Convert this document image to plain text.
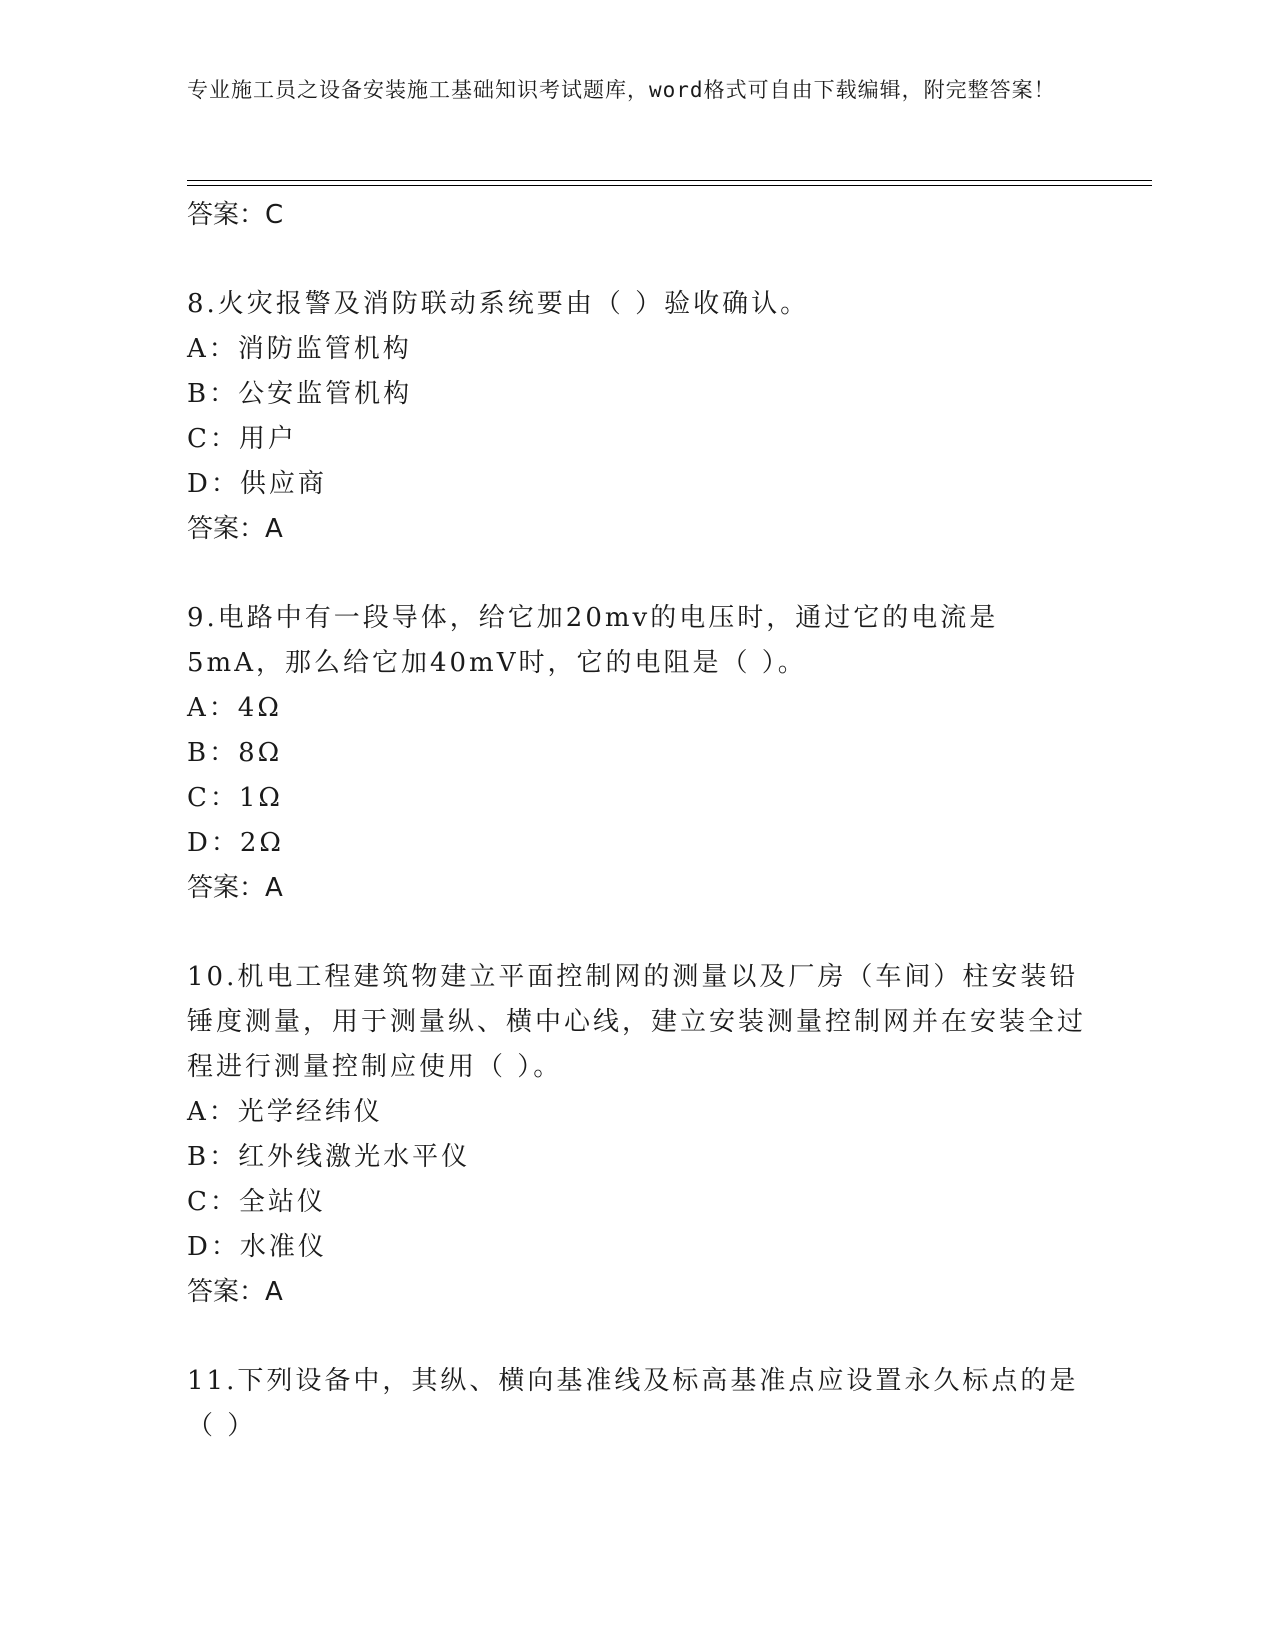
专业施工员之设备安装施工基础知识考试题库，word格式可自由下载编辑，附完整答案！
答案：C
8.火灾报警及消防联动系统要由（ ）验收确认。
A：消防监管机构
B：公安监管机构
C：用户
D：供应商
答案：A
9.电路中有一段导体，给它加20mv的电压时，通过它的电流是5mA，那么给它加40mV时，它的电阻是（ ）。
A：4Ω
B：8Ω
C：1Ω
D：2Ω
答案：A
10.机电工程建筑物建立平面控制网的测量以及厂房（车间）柱安装铅锤度测量，用于测量纵、横中心线，建立安装测量控制网并在安装全过程进行测量控制应使用（ ）。
A：光学经纬仪
B：红外线激光水平仪
C：全站仪
D：水准仪
答案：A
11.下列设备中，其纵、横向基准线及标高基准点应设置永久标点的是（ ）
